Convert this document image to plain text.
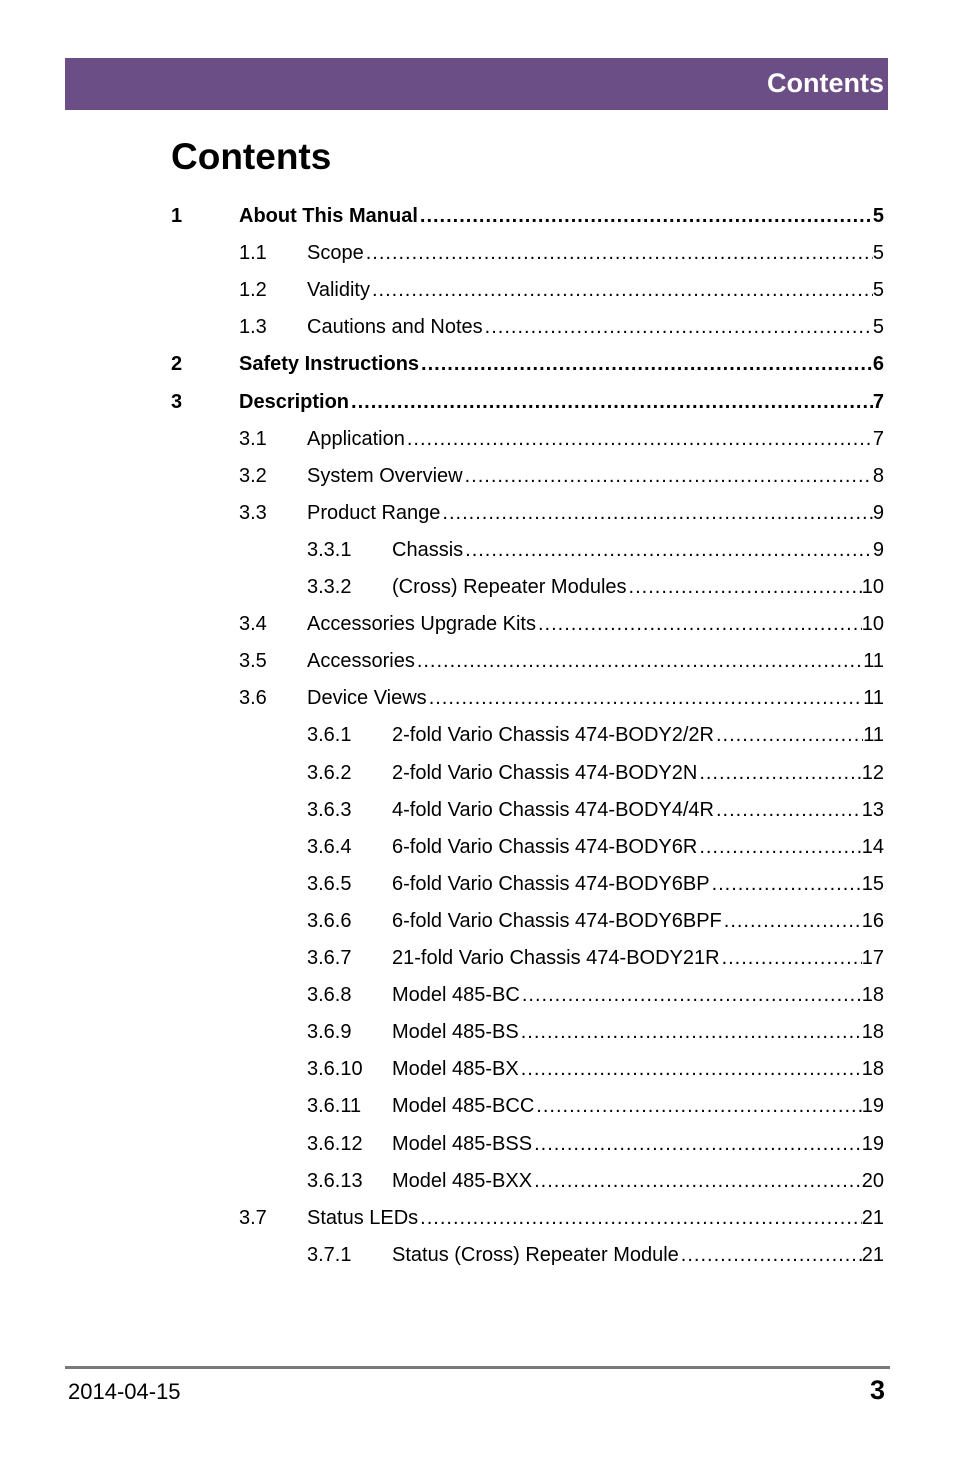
Contents
Contents
1	About This Manual .....	5
1.1 Scope .....	5
1.2 Validity .....	5
1.3 Cautions and Notes .....	5
2	Safety Instructions .....	6
3	Description .....	7
3.1 Application .....	7
3.2 System Overview .....	8
3.3 Product Range .....	9
3.3.1 Chassis .....	9
3.3.2 (Cross) Repeater Modules .....	10
3.4 Accessories Upgrade Kits .....	10
3.5 Accessories .....	11
3.6 Device Views .....	11
3.6.1 2-fold Vario Chassis 474-BODY2/2R .....	11
3.6.2 2-fold Vario Chassis 474-BODY2N .....	12
3.6.3 4-fold Vario Chassis 474-BODY4/4R .....	13
3.6.4 6-fold Vario Chassis 474-BODY6R .....	14
3.6.5 6-fold Vario Chassis 474-BODY6BP .....	15
3.6.6 6-fold Vario Chassis 474-BODY6BPF .....	16
3.6.7 21-fold Vario Chassis 474-BODY21R .....	17
3.6.8 Model 485-BC .....	18
3.6.9 Model 485-BS .....	18
3.6.10 Model 485-BX .....	18
3.6.11 Model 485-BCC .....	19
3.6.12 Model 485-BSS .....	19
3.6.13 Model 485-BXX .....	20
3.7 Status LEDs .....	21
3.7.1 Status (Cross) Repeater Module .....	21
2014-04-15	3
